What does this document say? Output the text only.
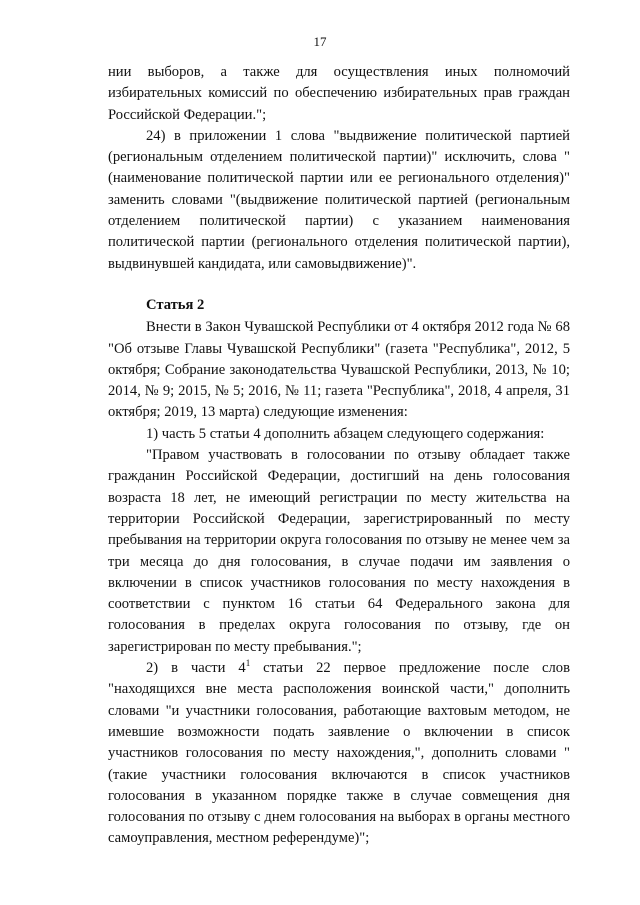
17

нии выборов, а также для осуществления иных полномочий избирательных комиссий по обеспечению избирательных прав граждан Российской Федерации.";

24) в приложении 1 слова "выдвижение политической партией (региональным отделением политической партии)" исключить, слова "(наименование политической партии или ее регионального отделения)" заменить словами "(выдвижение политической партией (региональным отделением политической партии) с указанием наименования политической партии (регионального отделения политической партии), выдвинувшей кандидата, или самовыдвижение)".

Статья 2

Внести в Закон Чувашской Республики от 4 октября 2012 года № 68 "Об отзыве Главы Чувашской Республики" (газета "Республика", 2012, 5 октября; Собрание законодательства Чувашской Республики, 2013, № 10; 2014, № 9; 2015, № 5; 2016, № 11; газета "Республика", 2018, 4 апреля, 31 октября; 2019, 13 марта) следующие изменения:

1) часть 5 статьи 4 дополнить абзацем следующего содержания:

"Правом участвовать в голосовании по отзыву обладает также гражданин Российской Федерации, достигший на день голосования возраста 18 лет, не имеющий регистрации по месту жительства на территории Российской Федерации, зарегистрированный по месту пребывания на территории округа голосования по отзыву не менее чем за три месяца до дня голосования, в случае подачи им заявления о включении в список участников голосования по месту нахождения в соответствии с пунктом 16 статьи 64 Федерального закона для голосования в пределах округа голосования по отзыву, где он зарегистрирован по месту пребывания.";

2) в части $4^1$ статьи 22 первое предложение после слов "находящихся вне места расположения воинской части," дополнить словами "и участники голосования, работающие вахтовым методом, не имевшие возможности подать заявление о включении в список участников голосования по месту нахождения,", дополнить словами "(такие участники голосования включаются в список участников голосования в указанном порядке также в случае совмещения дня голосования по отзыву с днем голосования на выборах в органы местного самоуправления, местном референдуме)";
